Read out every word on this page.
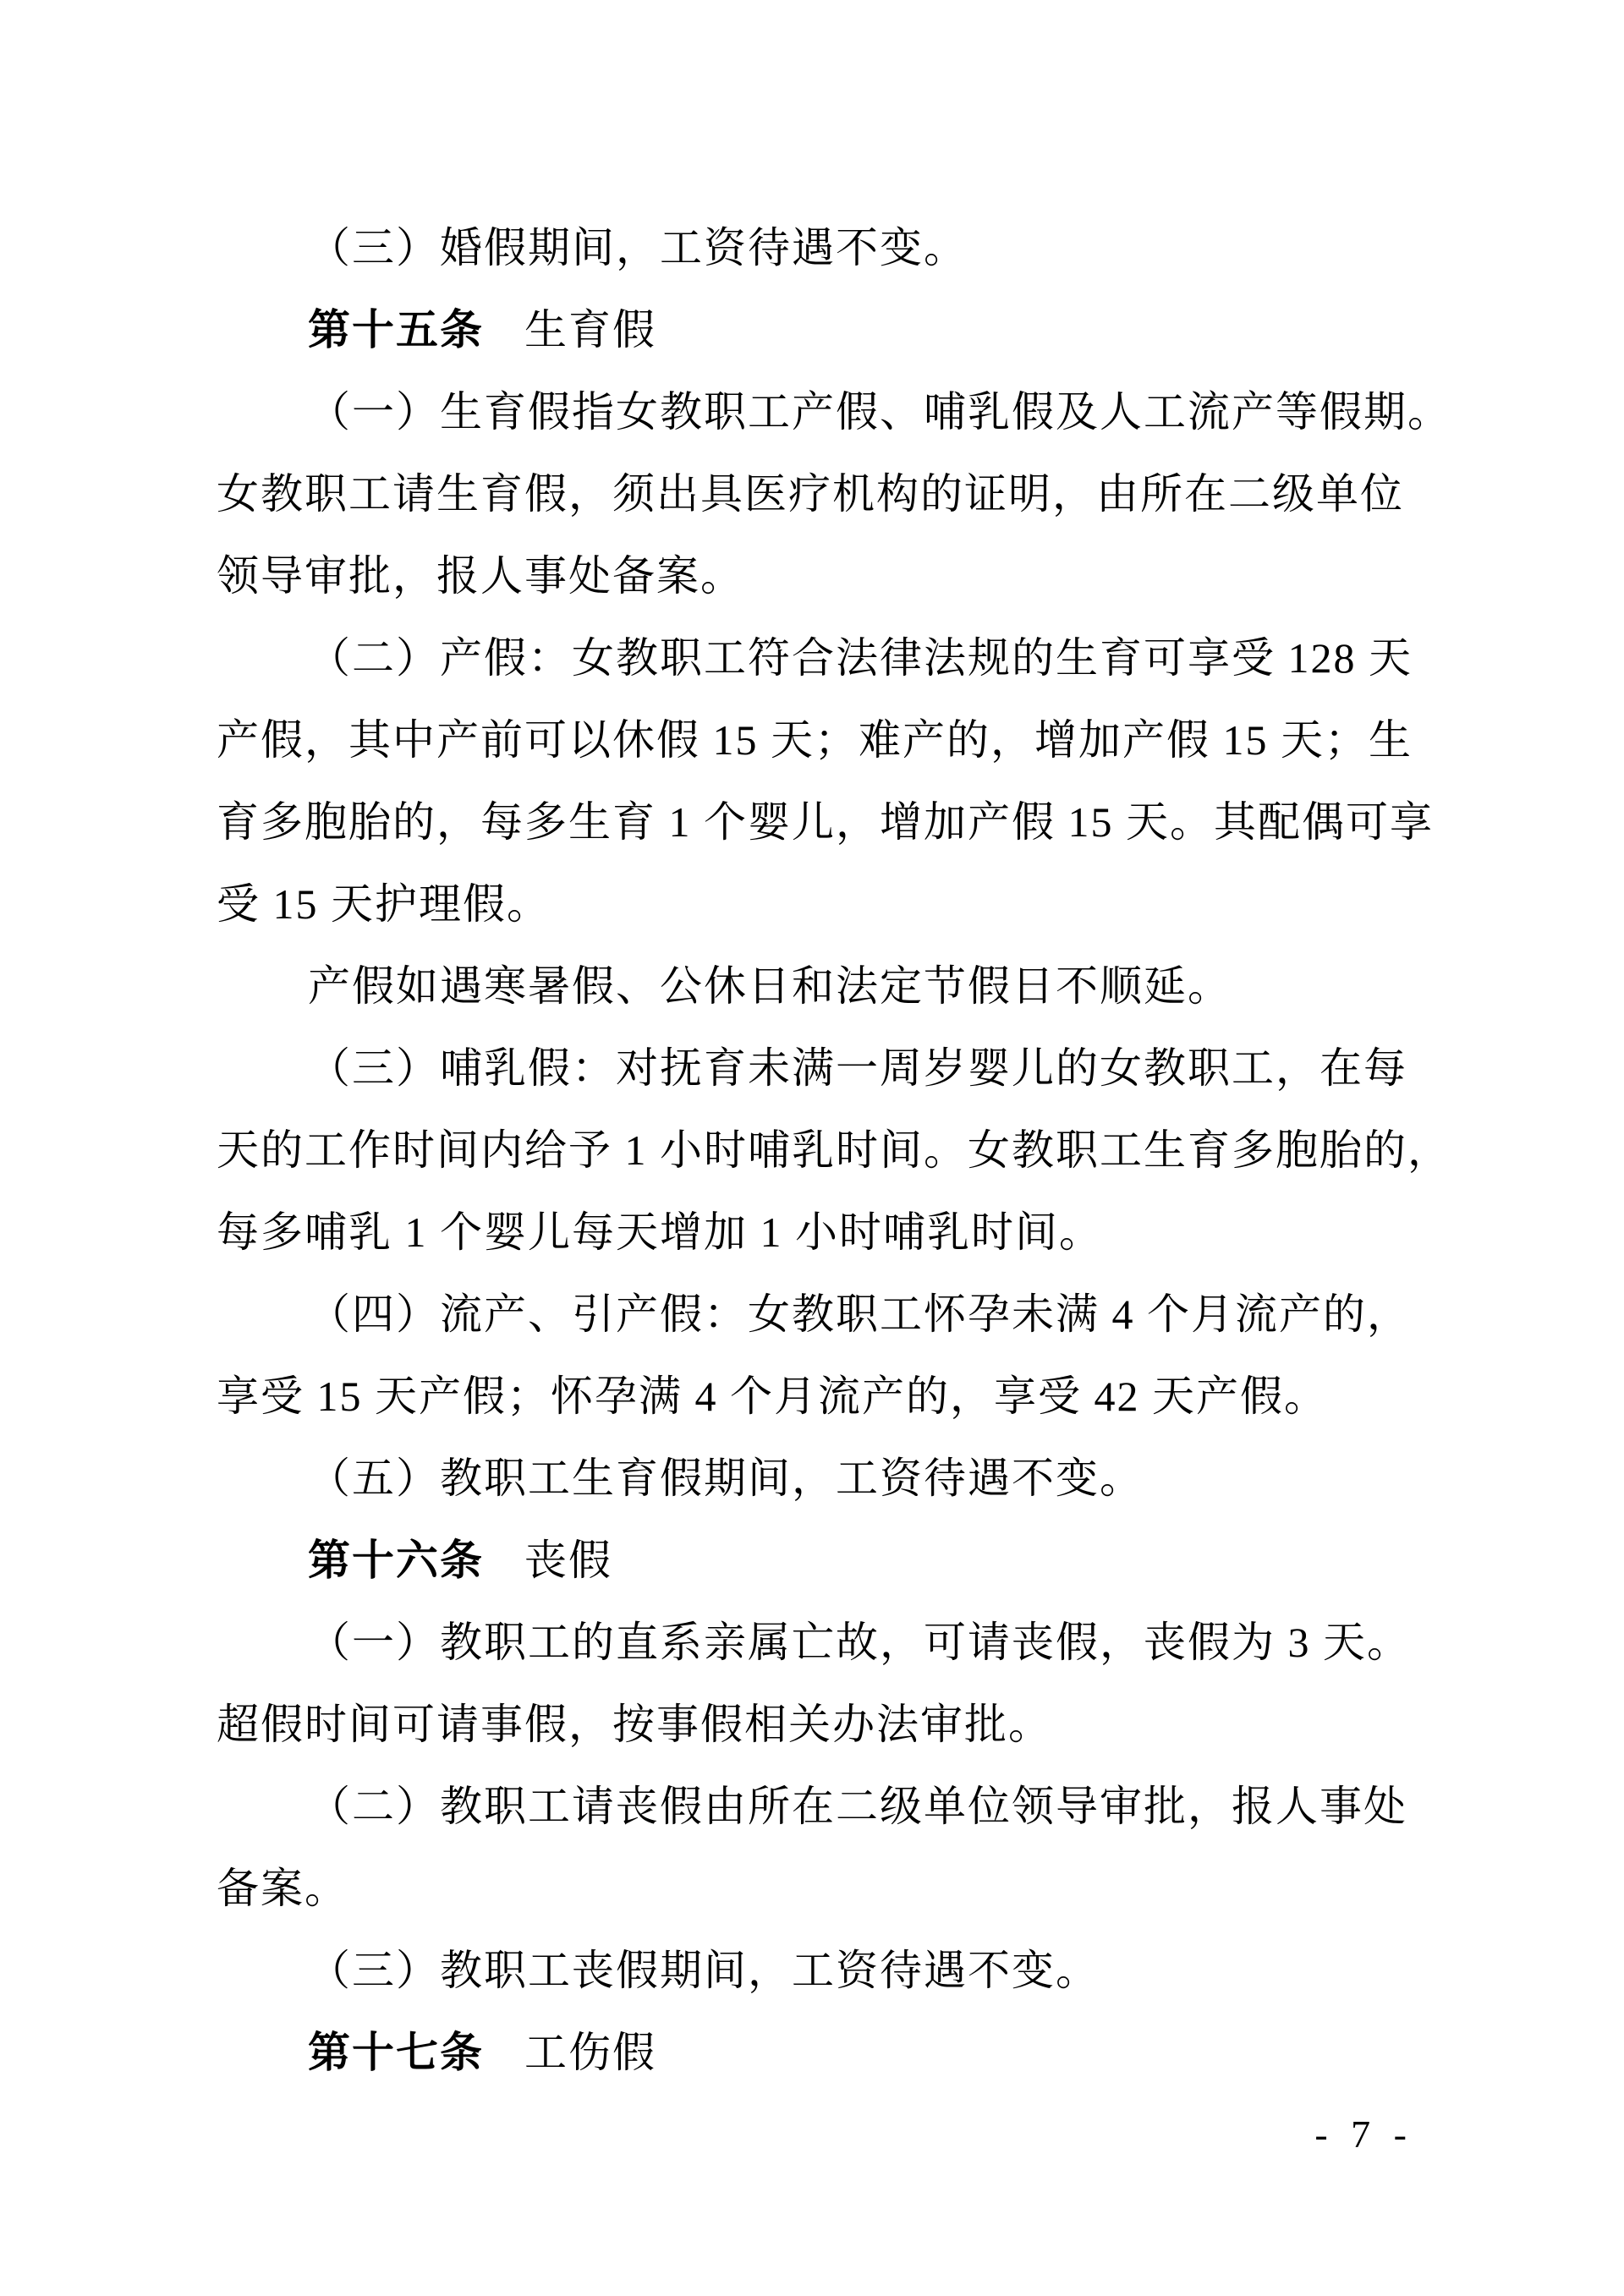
（三）婚假期间，工资待遇不变。
第十五条 生育假
（一）生育假指女教职工产假、哺乳假及人工流产等假期。
女教职工请生育假，须出具医疗机构的证明，由所在二级单位
领导审批，报人事处备案。
（二）产假：女教职工符合法律法规的生育可享受 128 天
产假，其中产前可以休假 15 天；难产的，增加产假 15 天；生
育多胞胎的，每多生育 1 个婴儿，增加产假 15 天。其配偶可享
受 15 天护理假。
产假如遇寒暑假、公休日和法定节假日不顺延。
（三）哺乳假：对抚育未满一周岁婴儿的女教职工，在每
天的工作时间内给予 1 小时哺乳时间。女教职工生育多胞胎的，
每多哺乳 1 个婴儿每天增加 1 小时哺乳时间。
（四）流产、引产假：女教职工怀孕未满 4 个月流产的，
享受 15 天产假；怀孕满 4 个月流产的，享受 42 天产假。
（五）教职工生育假期间，工资待遇不变。
第十六条 丧假
（一）教职工的直系亲属亡故，可请丧假，丧假为 3 天。
超假时间可请事假，按事假相关办法审批。
（二）教职工请丧假由所在二级单位领导审批，报人事处
备案。
（三）教职工丧假期间，工资待遇不变。
第十七条 工伤假
- 7 -
